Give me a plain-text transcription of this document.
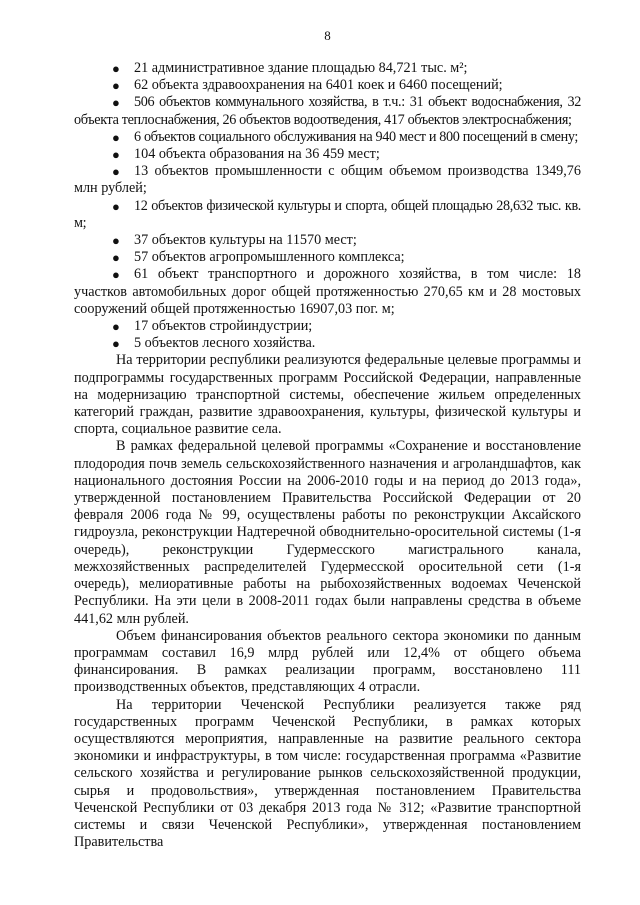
8
● 21 административное здание площадью 84,721 тыс. м²;
● 62 объекта здравоохранения на 6401 коек и 6460 посещений;
● 506 объектов коммунального хозяйства, в т.ч.: 31 объект водоснабжения, 32 объекта теплоснабжения, 26 объектов водоотведения, 417 объектов электроснабжения;
● 6 объектов социального обслуживания на 940 мест и 800 посещений в смену;
● 104 объекта образования на 36 459 мест;
● 13 объектов промышленности с общим объемом производства 1349,76 млн рублей;
● 12 объектов физической культуры и спорта, общей площадью 28,632 тыс. кв. м;
● 37 объектов культуры на 11570 мест;
● 57 объектов агропромышленного комплекса;
● 61 объект транспортного и дорожного хозяйства, в том числе: 18 участков автомобильных дорог общей протяженностью 270,65 км и 28 мостовых сооружений общей протяженностью 16907,03 пог. м;
● 17 объектов стройиндустрии;
● 5 объектов лесного хозяйства.

На территории республики реализуются федеральные целевые программы и подпрограммы государственных программ Российской Федерации, направленные на модернизацию транспортной системы, обеспечение жильем определенных категорий граждан, развитие здравоохранения, культуры, физической культуры и спорта, социальное развитие села.

В рамках федеральной целевой программы «Сохранение и восстановление плодородия почв земель сельскохозяйственного назначения и агроландшафтов, как национального достояния России на 2006-2010 годы и на период до 2013 года», утвержденной постановлением Правительства Российской Федерации от 20 февраля 2006 года № 99, осуществлены работы по реконструкции Аксайского гидроузла, реконструкции Надтеречной обводнительно-оросительной системы (1-я очередь), реконструкции Гудермесского магистрального канала, межхозяйственных распределителей Гудермесской оросительной сети (1-я очередь), мелиоративные работы на рыбохозяйственных водоемах Чеченской Республики. На эти цели в 2008-2011 годах были направлены средства в объеме 441,62 млн рублей.

Объем финансирования объектов реального сектора экономики по данным программам составил 16,9 млрд рублей или 12,4% от общего объема финансирования. В рамках реализации программ, восстановлено 111 производственных объектов, представляющих 4 отрасли.

На территории Чеченской Республики реализуется также ряд государственных программ Чеченской Республики, в рамках которых осуществляются мероприятия, направленные на развитие реального сектора экономики и инфраструктуры, в том числе: государственная программа «Развитие сельского хозяйства и регулирование рынков сельскохозяйственной продукции, сырья и продовольствия», утвержденная постановлением Правительства Чеченской Республики от 03 декабря 2013 года № 312; «Развитие транспортной системы и связи Чеченской Республики», утвержденная постановлением Правительства
